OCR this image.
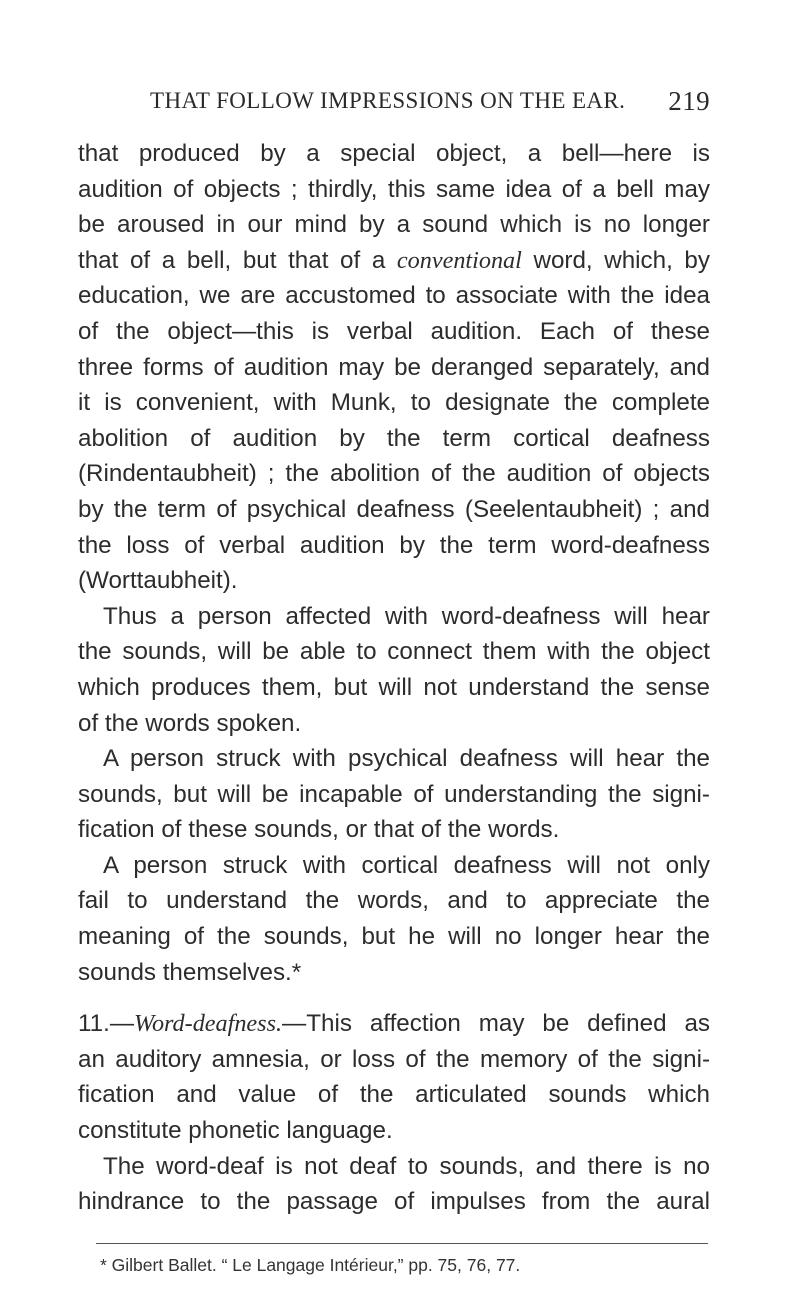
THAT FOLLOW IMPRESSIONS ON THE EAR. 219
that produced by a special object, a bell—here is
audition of objects ; thirdly, this same idea of a bell may
be aroused in our mind by a sound which is no longer
that of a bell, but that of a conventional word, which, by
education, we are accustomed to associate with the idea
of the object—this is verbal audition. Each of these
three forms of audition may be deranged separately, and
it is convenient, with Munk, to designate the complete
abolition of audition by the term cortical deafness
(Rindentaubheit) ; the abolition of the audition of objects
by the term of psychical deafness (Seelentaubheit) ; and
the loss of verbal audition by the term word-deafness
(Worttaubheit).
Thus a person affected with word-deafness will hear
the sounds, will be able to connect them with the object
which produces them, but will not understand the sense
of the words spoken.
A person struck with psychical deafness will hear the
sounds, but will be incapable of understanding the signi-
fication of these sounds, or that of the words.
A person struck with cortical deafness will not only
fail to understand the words, and to appreciate the
meaning of the sounds, but he will no longer hear the
sounds themselves.*
11.—Word-deafness.—This affection may be defined as
an auditory amnesia, or loss of the memory of the signi-
fication and value of the articulated sounds which
constitute phonetic language.
The word-deaf is not deaf to sounds, and there is no
hindrance to the passage of impulses from the aural
* Gilbert Ballet. “ Le Langage Intérieur,” pp. 75, 76, 77.
